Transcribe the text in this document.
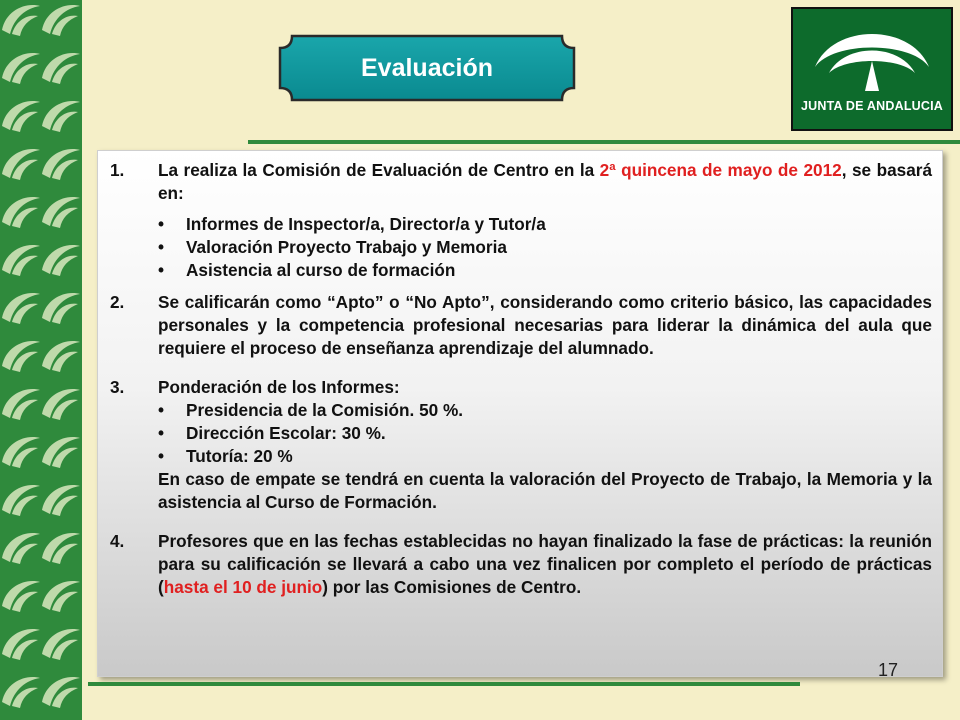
Evaluación
JUNTA DE ANDALUCIA
1.	La realiza la Comisión de Evaluación de Centro en la 2ª quincena de mayo de 2012, se basará en:
•	Informes de Inspector/a, Director/a y Tutor/a
•	Valoración Proyecto Trabajo y Memoria
•	Asistencia al curso de formación
2.	Se calificarán como “Apto” o “No Apto”, considerando como criterio básico, las capacidades personales y la competencia profesional necesarias para liderar la dinámica del aula que requiere el proceso de enseñanza aprendizaje del alumnado.
3.	Ponderación de los Informes:
•	Presidencia de la Comisión. 50 %.
•	Dirección Escolar: 30 %.
•	Tutoría: 20 %
En caso de empate se tendrá en cuenta la valoración del Proyecto de Trabajo, la Memoria y la asistencia al Curso de Formación.
4.	Profesores que en las fechas establecidas no hayan finalizado la fase de prácticas: la reunión para su calificación se llevará a cabo una vez finalicen por completo el período de prácticas (hasta el 10 de junio) por las Comisiones de Centro.
17
